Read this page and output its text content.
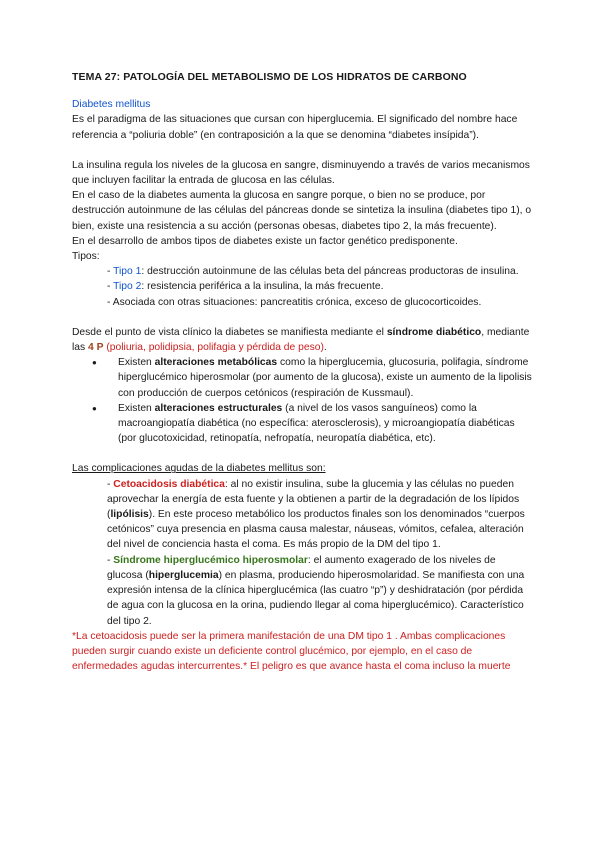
TEMA 27: PATOLOGÍA DEL METABOLISMO DE LOS HIDRATOS DE CARBONO

Diabetes mellitus

Es el paradigma de las situaciones que cursan con hiperglucemia. El significado del nombre hace referencia a “poliuria doble” (en contraposición a la que se denomina “diabetes insípida”).

La insulina regula los niveles de la glucosa en sangre, disminuyendo a través de varios mecanismos que incluyen facilitar la entrada de glucosa en las células.

En el caso de la diabetes aumenta la glucosa en sangre porque, o bien no se produce, por destrucción autoinmune de las células del páncreas donde se sintetiza la insulina (diabetes tipo 1), o bien, existe una resistencia a su acción (personas obesas, diabetes tipo 2, la más frecuente).

En el desarrollo de ambos tipos de diabetes existe un factor genético predisponente.

Tipos:

- Tipo 1: destrucción autoinmune de las células beta del páncreas productoras de insulina.

- Tipo 2: resistencia periférica a la insulina, la más frecuente.

- Asociada con otras situaciones: pancreatitis crónica, exceso de glucocorticoides.

Desde el punto de vista clínico la diabetes se manifiesta mediante el síndrome diabético, mediante las 4 P (poliuria, polidipsia, polifagia y pérdida de peso).

● Existen alteraciones metabólicas como la hiperglucemia, glucosuria, polifagia, síndrome hiperglucémico hiperosmolar (por aumento de la glucosa), existe un aumento de la lipolisis con producción de cuerpos cetónicos (respiración de Kussmaul).

● Existen alteraciones estructurales (a nivel de los vasos sanguíneos) como la macroangiopatía diabética (no específica: aterosclerosis), y microangiopatía diabéticas (por glucotoxicidad, retinopatía, nefropatía, neuropatía diabética, etc).

Las complicaciones agudas de la diabetes mellitus son:

- Cetoacidosis diabética: al no existir insulina, sube la glucemia y las células no pueden aprovechar la energía de esta fuente y la obtienen a partir de la degradación de los lípidos (lipólisis). En este proceso metabólico los productos finales son los denominados “cuerpos cetónicos” cuya presencia en plasma causa malestar, náuseas, vómitos, cefalea, alteración del nivel de conciencia hasta el coma. Es más propio de la DM del tipo 1.

- Síndrome hiperglucémico hiperosmolar: el aumento exagerado de los niveles de glucosa (hiperglucemia) en plasma, produciendo hiperosmolaridad. Se manifiesta con una expresión intensa de la clínica hiperglucémica (las cuatro “p”) y deshidratación (por pérdida de agua con la glucosa en la orina, pudiendo llegar al coma hiperglucémico). Característico del tipo 2.

*La cetoacidosis puede ser la primera manifestación de una DM tipo 1 . Ambas complicaciones pueden surgir cuando existe un deficiente control glucémico, por ejemplo, en el caso de enfermedades agudas intercurrentes.* El peligro es que avance hasta el coma incluso la muerte
